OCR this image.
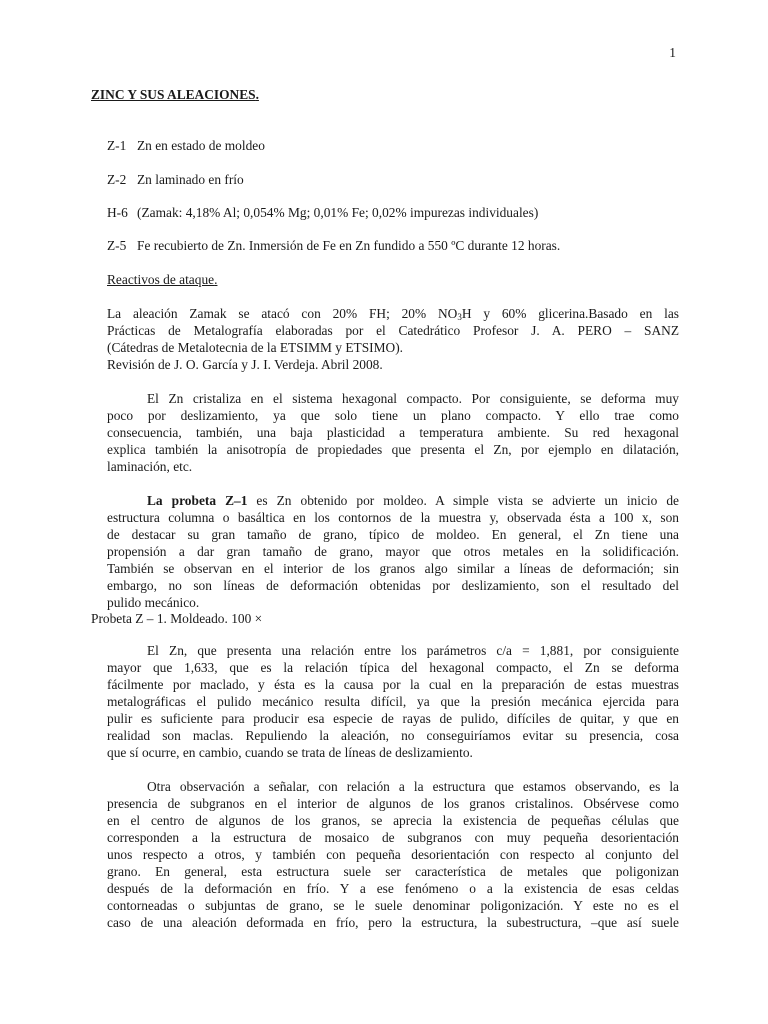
1
ZINC Y SUS ALEACIONES.
Z-1 Zn en estado de moldeo
Z-2 Zn laminado en frío
H-6 (Zamak: 4,18% Al; 0,054% Mg; 0,01% Fe; 0,02% impurezas individuales)
Z-5 Fe recubierto de Zn. Inmersión de Fe en Zn fundido a 550 ºC durante 12 horas.
Reactivos de ataque.

La aleación Zamak se atacó con 20% FH; 20% $NO_3H$ y 60% glicerina.Basado en las

Prácticas de Metalografía elaboradas por el Catedrático Profesor J. A. PERO – SANZ

(Cátedras de Metalotecnia de la ETSIMM y ETSIMO).

Revisión de J. O. García y J. I. Verdeja. Abril 2008.

El Zn cristaliza en el sistema hexagonal compacto. Por consiguiente, se deforma muy

poco por deslizamiento, ya que solo tiene un plano compacto. Y ello trae como

consecuencia, también, una baja plasticidad a temperatura ambiente. Su red hexagonal

explica también la anisotropía de propiedades que presenta el Zn, por ejemplo en dilatación,

laminación, etc.

La probeta Z–1 es Zn obtenido por moldeo. A simple vista se advierte un inicio de

estructura columna o basáltica en los contornos de la muestra y, observada ésta a 100 x, son

de destacar su gran tamaño de grano, típico de moldeo. En general, el Zn tiene una

propensión a dar gran tamaño de grano, mayor que otros metales en la solidificación.

También se observan en el interior de los granos algo similar a líneas de deformación; sin

embargo, no son líneas de deformación obtenidas por deslizamiento, son el resultado del

pulido mecánico.

Probeta Z – 1. Moldeado. 100 ×

El Zn, que presenta una relación entre los parámetros c/a = 1,881, por consiguiente

mayor que 1,633, que es la relación típica del hexagonal compacto, el Zn se deforma

fácilmente por maclado, y ésta es la causa por la cual en la preparación de estas muestras

metalográficas el pulido mecánico resulta difícil, ya que la presión mecánica ejercida para

pulir es suficiente para producir esa especie de rayas de pulido, difíciles de quitar, y que en

realidad son maclas. Repuliendo la aleación, no conseguiríamos evitar su presencia, cosa

que sí ocurre, en cambio, cuando se trata de líneas de deslizamiento.

Otra observación a señalar, con relación a la estructura que estamos observando, es la

presencia de subgranos en el interior de algunos de los granos cristalinos. Obsérvese como

en el centro de algunos de los granos, se aprecia la existencia de pequeñas células que

corresponden a la estructura de mosaico de subgranos con muy pequeña desorientación

unos respecto a otros, y también con pequeña desorientación con respecto al conjunto del

grano. En general, esta estructura suele ser característica de metales que poligonizan

después de la deformación en frío. Y a ese fenómeno o a la existencia de esas celdas

contorneadas o subjuntas de grano, se le suele denominar poligonización. Y este no es el

caso de una aleación deformada en frío, pero la estructura, la subestructura, –que así suele
